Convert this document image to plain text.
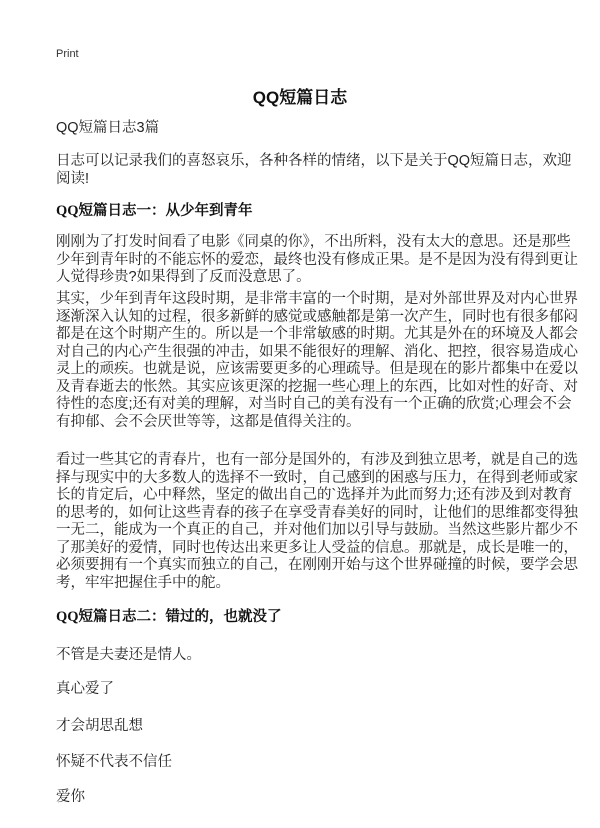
Print
QQ短篇日志
QQ短篇日志3篇
日志可以记录我们的喜怒哀乐，各种各样的情绪，以下是关于QQ短篇日志，欢迎
阅读!
QQ短篇日志一：从少年到青年
刚刚为了打发时间看了电影《同桌的你》，不出所料，没有太大的意思。还是那些
少年到青年时的不能忘怀的爱恋，最终也没有修成正果。是不是因为没有得到更让
人觉得珍贵?如果得到了反而没意思了。
其实，少年到青年这段时期，是非常丰富的一个时期，是对外部世界及对内心世界
逐渐深入认知的过程，很多新鲜的感觉或感触都是第一次产生，同时也有很多郁闷
都是在这个时期产生的。所以是一个非常敏感的时期。尤其是外在的环境及人都会
对自己的内心产生很强的冲击，如果不能很好的理解、消化、把控，很容易造成心
灵上的顽疾。也就是说，应该需要更多的心理疏导。但是现在的影片都集中在爱以
及青春逝去的怅然。其实应该更深的挖掘一些心理上的东西，比如对性的好奇、对
待性的态度;还有对美的理解，对当时自己的美有没有一个正确的欣赏;心理会不会
有抑郁、会不会厌世等等，这都是值得关注的。
看过一些其它的青春片，也有一部分是国外的，有涉及到独立思考，就是自己的选
择与现实中的大多数人的选择不一致时，自己感到的困惑与压力，在得到老师或家
长的肯定后，心中释然，坚定的做出自己的`选择并为此而努力;还有涉及到对教育
的思考的，如何让这些青春的孩子在享受青春美好的同时，让他们的思维都变得独
一无二，能成为一个真正的自己，并对他们加以引导与鼓励。当然这些影片都少不
了那美好的爱情，同时也传达出来更多让人受益的信息。那就是，成长是唯一的，
必须要拥有一个真实而独立的自己，在刚刚开始与这个世界碰撞的时候，要学会思
考，牢牢把握住手中的舵。
QQ短篇日志二：错过的，也就没了
不管是夫妻还是情人。
真心爱了
才会胡思乱想
怀疑不代表不信任
爱你
